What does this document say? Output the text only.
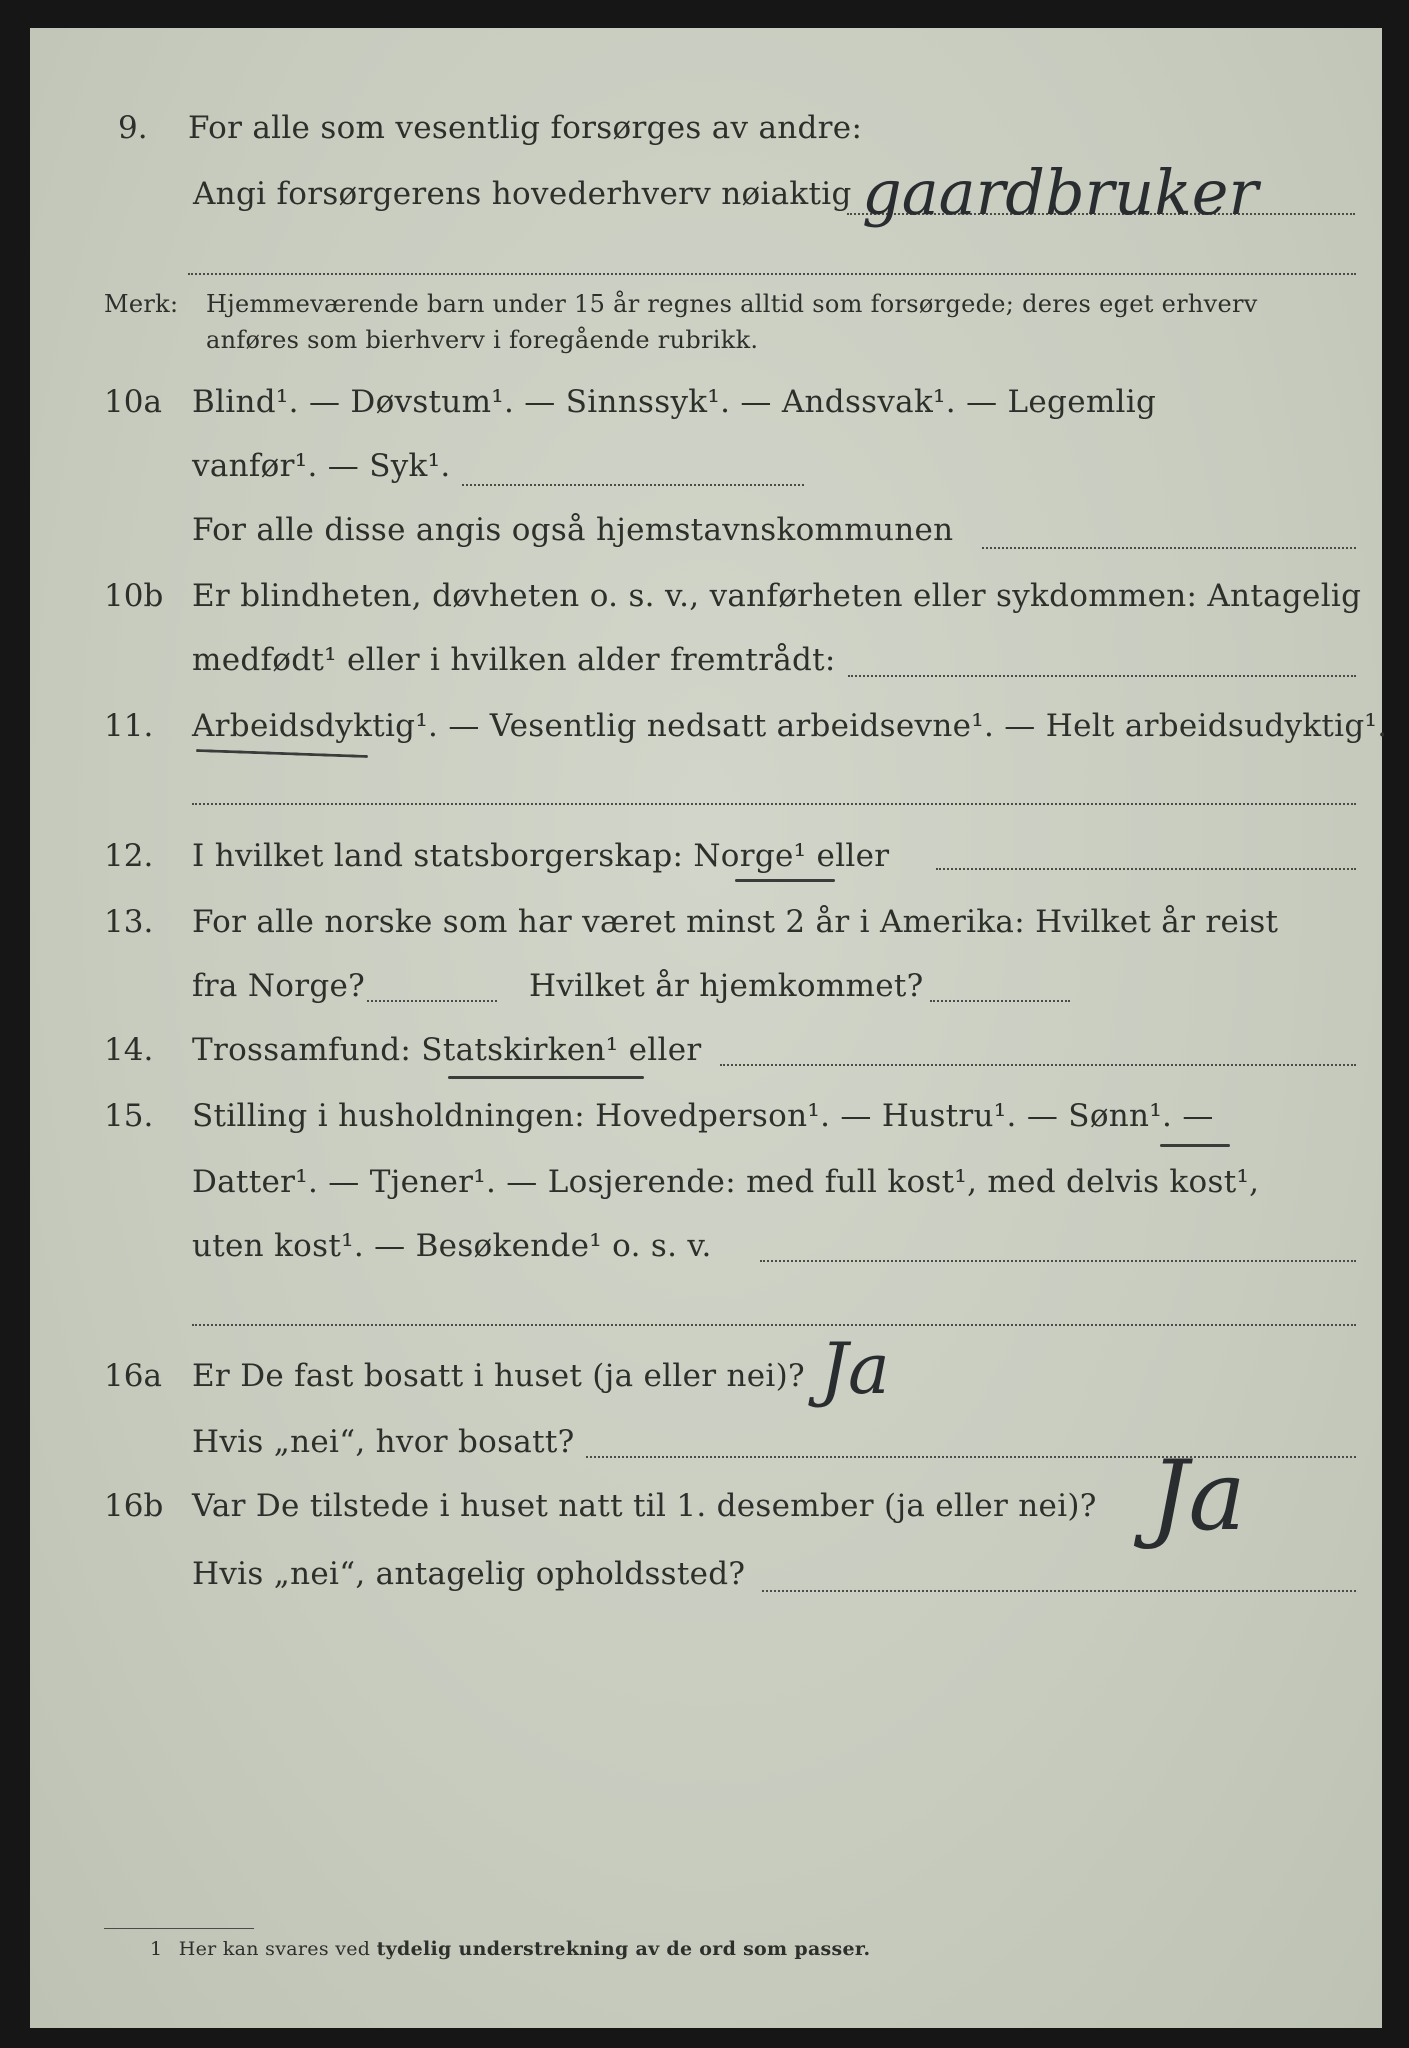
9. For alle som vesentlig forsørges av andre:
Angi forsørgerens hovederhverv nøiaktig gaardbruker
Merk: Hjemmeværende barn under 15 år regnes alltid som forsørgede; deres eget erhverv
anføres som bierhverv i foregående rubrikk.
10a Blind¹. — Døvstum¹. — Sinnssyk¹. — Andssvak¹. — Legemlig
vanfør¹. — Syk¹.
For alle disse angis også hjemstavnskommunen
10b Er blindheten, døvheten o. s. v., vanførheten eller sykdommen: Antagelig
medfødt¹ eller i hvilken alder fremtrådt:
11. Arbeidsdyktig¹. — Vesentlig nedsatt arbeidsevne¹. — Helt arbeidsudyktig¹.
12. I hvilket land statsborgerskap: Norge¹ eller
13. For alle norske som har været minst 2 år i Amerika: Hvilket år reist
fra Norge?	Hvilket år hjemkommet?
14. Trossamfund: Statskirken¹ eller
15. Stilling i husholdningen: Hovedperson¹. — Hustru¹. — Sønn¹. —
Datter¹. — Tjener¹. — Losjerende: med full kost¹, med delvis kost¹,
uten kost¹. — Besøkende¹ o. s. v.
16a Er De fast bosatt i huset (ja eller nei)? Ja
Hvis „nei“, hvor bosatt?
16b Var De tilstede i huset natt til 1. desember (ja eller nei)? Ja
Hvis „nei“, antagelig opholdssted?
1 Her kan svares ved tydelig understrekning av de ord som passer.
